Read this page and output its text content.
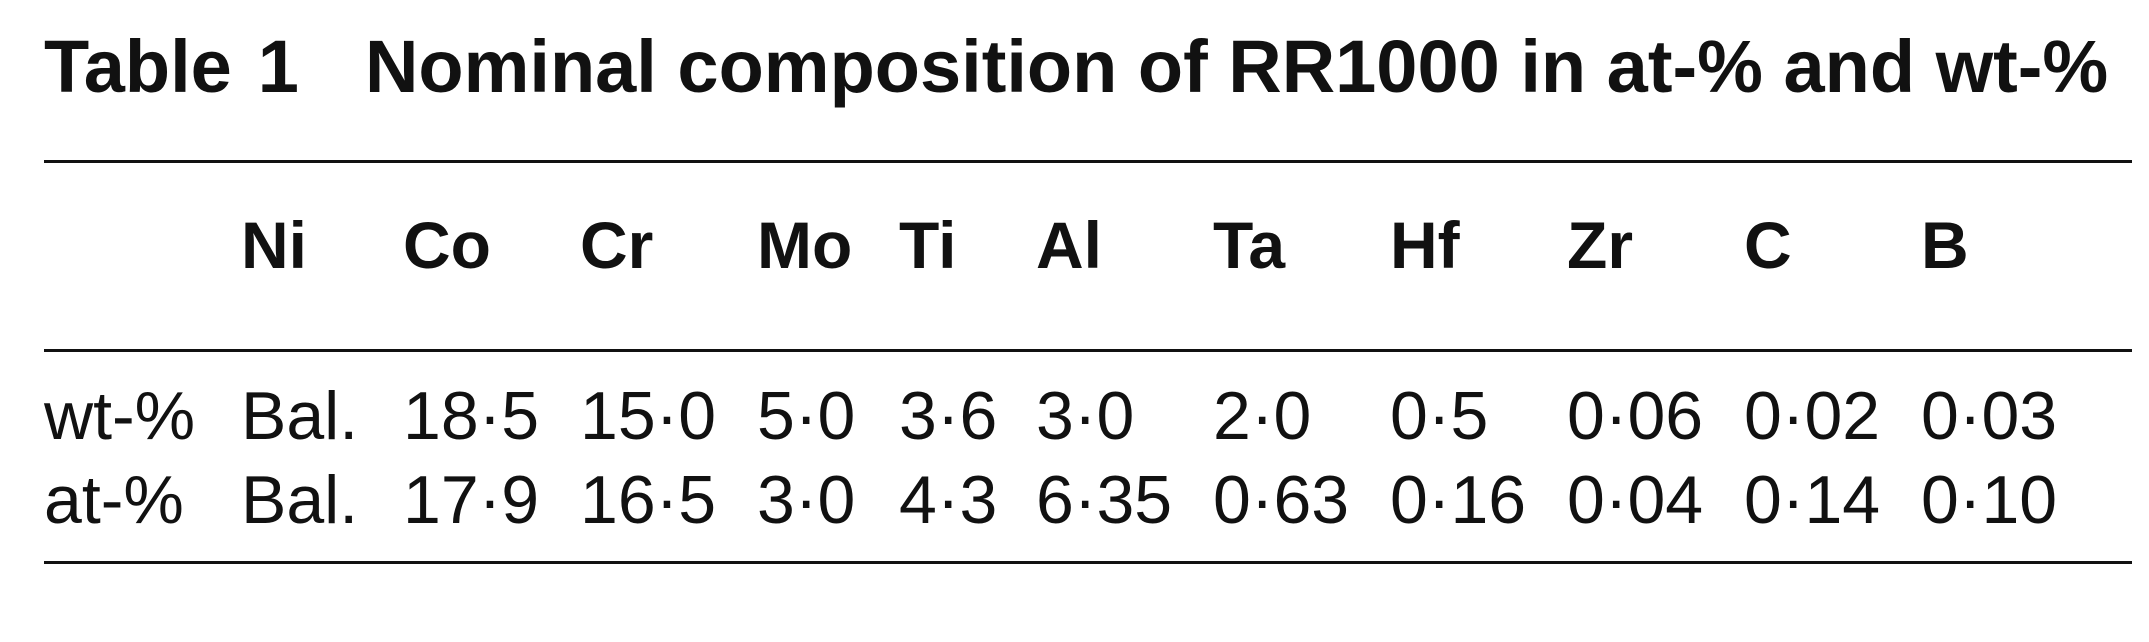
Table 1 Nominal composition of RR1000 in at-% and wt-%
Ni Co Cr Mo Ti Al Ta Hf Zr C B
wt-% Bal. 18·5 15·0 5·0 3·6 3·0 2·0 0·5 0·06 0·02 0·03
at-% Bal. 17·9 16·5 3·0 4·3 6·35 0·63 0·16 0·04 0·14 0·10
